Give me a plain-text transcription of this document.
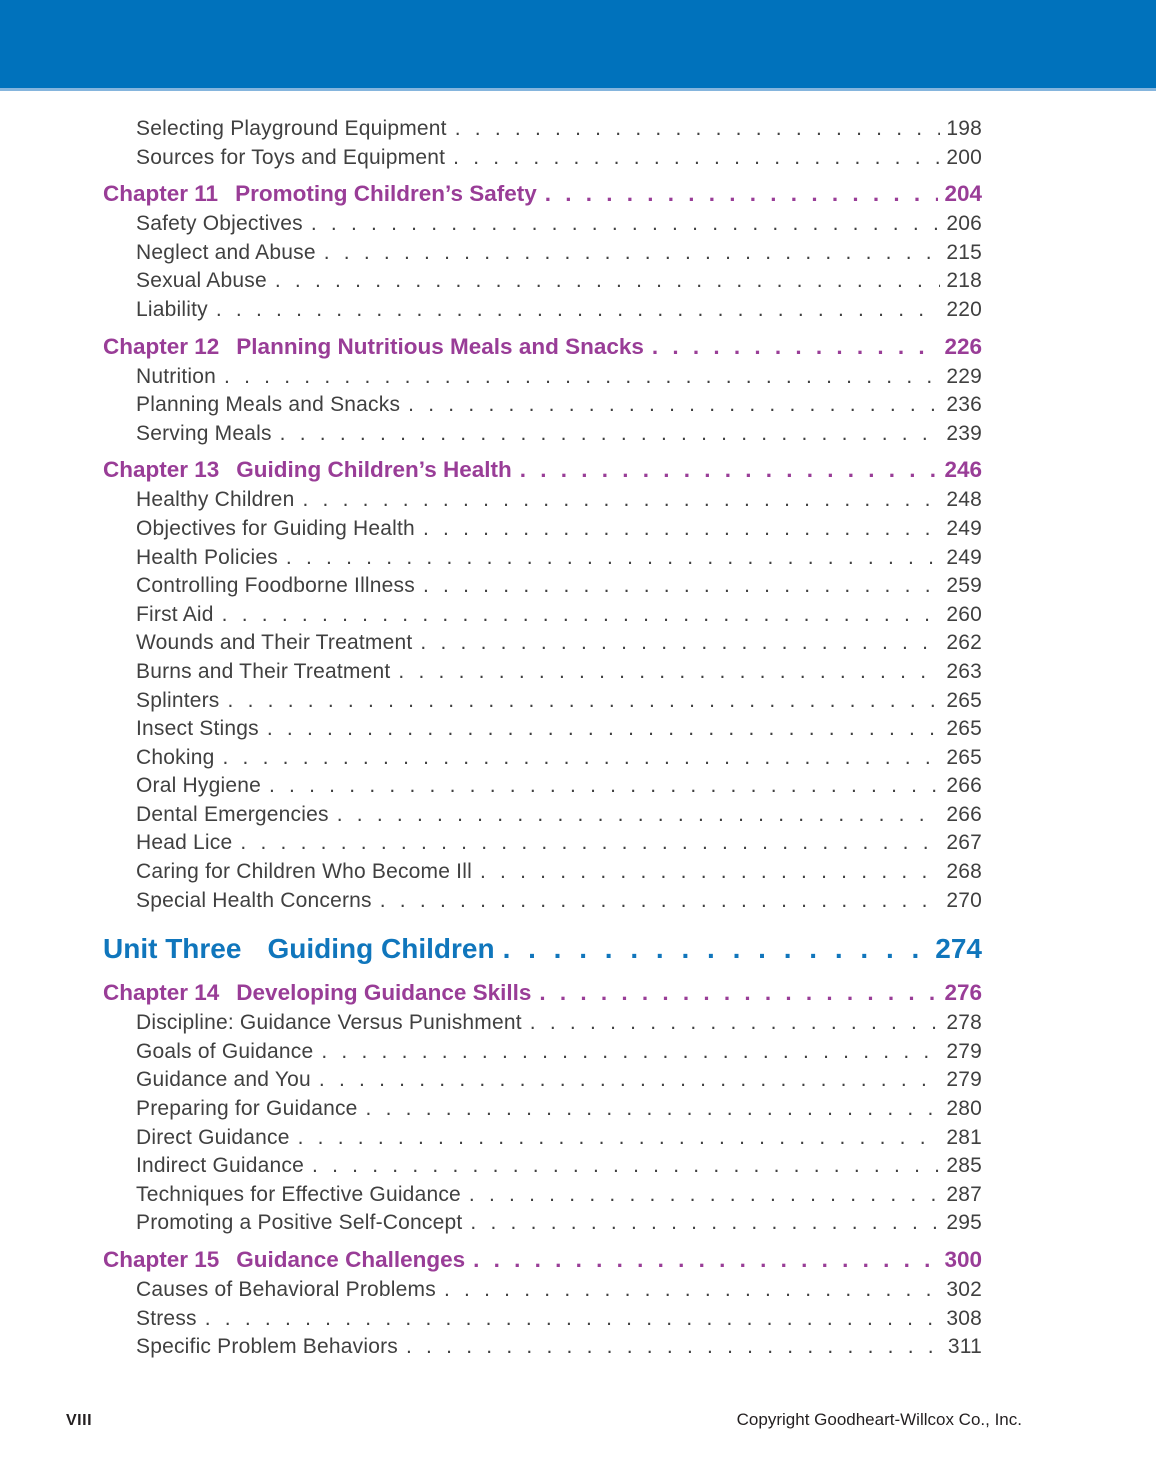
Selecting Playground Equipment . . .	198
Sources for Toys and Equipment . . .	200
Chapter 11 Promoting Children’s Safety . . .	204
Safety Objectives . . .	206
Neglect and Abuse . . .	215
Sexual Abuse . . .	218
Liability . . .	220
Chapter 12 Planning Nutritious Meals and Snacks . . .	226
Nutrition . . .	229
Planning Meals and Snacks . . .	236
Serving Meals . . .	239
Chapter 13 Guiding Children’s Health . . .	246
Healthy Children . . .	248
Objectives for Guiding Health . . .	249
Health Policies . . .	249
Controlling Foodborne Illness . . .	259
First Aid . . .	260
Wounds and Their Treatment . . .	262
Burns and Their Treatment . . .	263
Splinters . . .	265
Insect Stings . . .	265
Choking . . .	265
Oral Hygiene . . .	266
Dental Emergencies . . .	266
Head Lice . . .	267
Caring for Children Who Become Ill . . .	268
Special Health Concerns . . .	270
Unit Three Guiding Children . . .	274
Chapter 14 Developing Guidance Skills . . .	276
Discipline: Guidance Versus Punishment . . .	278
Goals of Guidance . . .	279
Guidance and You . . .	279
Preparing for Guidance . . .	280
Direct Guidance . . .	281
Indirect Guidance . . .	285
Techniques for Effective Guidance . . .	287
Promoting a Positive Self-Concept . . .	295
Chapter 15 Guidance Challenges . . .	300
Causes of Behavioral Problems . . .	302
Stress . . .	308
Specific Problem Behaviors . . .	311
VIII	Copyright Goodheart-Willcox Co., Inc.
